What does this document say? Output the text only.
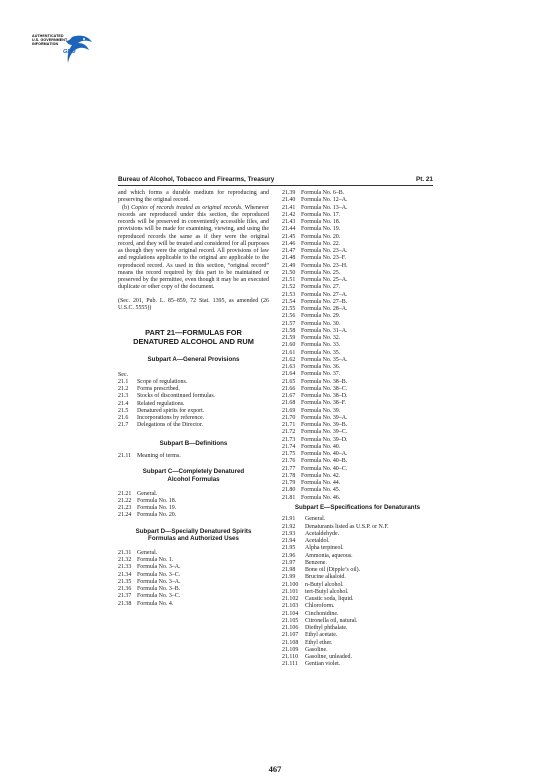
AUTHENTICATED
U.S. GOVERNMENT
INFORMATION
GPO
Bureau of Alcohol, Tobacco and Firearms, Treasury	Pt. 21

and which forms a durable medium for reproducing and preserving the original record.

(b) Copies of records treated as original records. Whenever records are reproduced under this section, the reproduced records will be preserved in conveniently accessible files, and provisions will be made for examining, viewing, and using the reproduced records the same as if they were the original record, and they will be treated and considered for all purposes as though they were the original record. All provisions of law and regulations applicable to the original are applicable to the reproduced record. As used in this section, “original record” means the record required by this part to be maintained or preserved by the permittee, even though it may be an executed duplicate or other copy of the document.

(Sec. 201, Pub. L. 85–859, 72 Stat. 1395, as amended (26 U.S.C. 5555))

PART 21—FORMULAS FOR
DENATURED ALCOHOL AND RUM
Subpart A—General Provisions
Sec.
21.1	Scope of regulations.
21.2	Forms prescribed.
21.3	Stocks of discontinued formulas.
21.4	Related regulations.
21.5	Denatured spirits for export.
21.6	Incorporations by reference.
21.7	Delegations of the Director.
Subpart B—Definitions
21.11 Meaning of terms.
Subpart C—Completely Denatured
Alcohol Formulas
21.21 General.
21.22 Formula No. 18.
21.23 Formula No. 19.
21.24 Formula No. 20.
Subpart D—Specially Denatured Spirits
Formulas and Authorized Uses
21.31 General.
21.32 Formula No. 1.
21.33 Formula No. 3–A.
21.34 Formula No. 3–C.
21.35 Formula No. 3–A.
21.36 Formula No. 3–B.
21.37 Formula No. 3–C.
21.38 Formula No. 4.
21.39 Formula No. 6–B.
21.40 Formula No. 12–A.
21.41 Formula No. 13–A.
21.42 Formula No. 17.
21.43 Formula No. 18.
21.44 Formula No. 19.
21.45 Formula No. 20.
21.46 Formula No. 22.
21.47 Formula No. 23–A.
21.48 Formula No. 23–F.
21.49 Formula No. 23–H.
21.50 Formula No. 25.
21.51 Formula No. 25–A.
21.52 Formula No. 27.
21.53 Formula No. 27–A.
21.54 Formula No. 27–B.
21.55 Formula No. 28–A.
21.56 Formula No. 29.
21.57 Formula No. 30.
21.58 Formula No. 31–A.
21.59 Formula No. 32.
21.60 Formula No. 33.
21.61 Formula No. 35.
21.62 Formula No. 35–A.
21.63 Formula No. 36.
21.64 Formula No. 37.
21.65 Formula No. 38–B.
21.66 Formula No. 38–C.
21.67 Formula No. 38–D.
21.68 Formula No. 38–F.
21.69 Formula No. 39.
21.70 Formula No. 39–A.
21.71 Formula No. 39–B.
21.72 Formula No. 39–C.
21.73 Formula No. 39–D.
21.74 Formula No. 40.
21.75 Formula No. 40–A.
21.76 Formula No. 40–B.
21.77 Formula No. 40–C.
21.78 Formula No. 42.
21.79 Formula No. 44.
21.80 Formula No. 45.
21.81 Formula No. 46.
Subpart E—Specifications for Denaturants
21.91	General.
21.92	Denaturants listed as U.S.P. or N.F.
21.93	Acetaldehyde.
21.94	Acetaldol.
21.95	Alpha terpineol.
21.96	Ammonia, aqueous.
21.97	Benzene.
21.98	Bone oil (Dipple’s oil).
21.99	Brucine alkaloid.
21.100	n-Butyl alcohol.
21.101	tert-Butyl alcohol.
21.102	Caustic soda, liquid.
21.103	Chloroform.
21.104	Cinchonidine.
21.105	Citronella oil, natural.
21.106	Diethyl phthalate.
21.107	Ethyl acetate.
21.108	Ethyl ether.
21.109	Gasoline.
21.110	Gasoline, unleaded.
21.111	Gentian violet.
467
